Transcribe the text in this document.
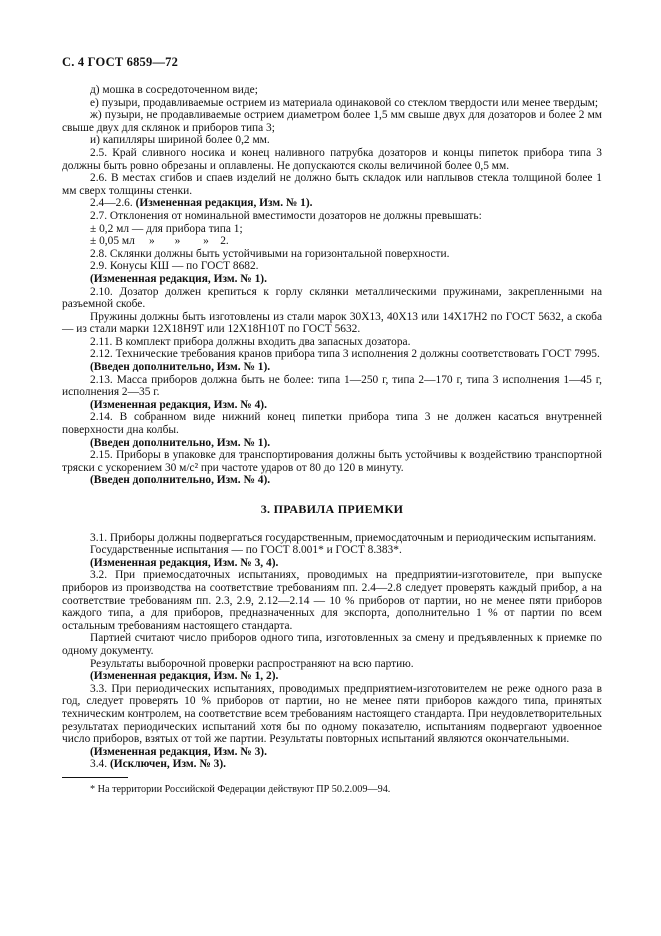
С. 4 ГОСТ 6859—72

д) мошка в сосредоточенном виде;

е) пузыри, продавливаемые острием из материала одинаковой со стеклом твердости или менее твердым;

ж) пузыри, не продавливаемые острием диаметром более 1,5 мм свыше двух для дозаторов и более 2 мм свыше двух для склянок и приборов типа 3;

и) капилляры шириной более 0,2 мм.

2.5. Край сливного носика и конец наливного патрубка дозаторов и концы пипеток прибора типа 3 должны быть ровно обрезаны и оплавлены. Не допускаются сколы величиной более 0,5 мм.

2.6. В местах сгибов и спаев изделий не должно быть складок или наплывов стекла толщиной более 1 мм сверх толщины стенки.

2.4—2.6. (Измененная редакция, Изм. № 1).

2.7. Отклонения от номинальной вместимости дозаторов не должны превышать:

± 0,2 мл — для прибора типа 1;

± 0,05 мл     »       »        »    2.

2.8. Склянки должны быть устойчивыми на горизонтальной поверхности.

2.9. Конусы КШ — по ГОСТ 8682.

(Измененная редакция, Изм. № 1).

2.10. Дозатор должен крепиться к горлу склянки металлическими пружинами, закрепленными на разъемной скобе.

Пружины должны быть изготовлены из стали марок 30Х13, 40Х13 или 14Х17Н2 по ГОСТ 5632, а скоба — из стали марки 12Х18Н9Т или 12Х18Н10Т по ГОСТ 5632.

2.11. В комплект прибора должны входить два запасных дозатора.

2.12. Технические требования кранов прибора типа 3 исполнения 2 должны соответствовать ГОСТ 7995.

(Введен дополнительно, Изм. № 1).

2.13. Масса приборов должна быть не более: типа 1—250 г, типа 2—170 г, типа 3 исполнения 1—45 г, исполнения 2—35 г.

(Измененная редакция, Изм. № 4).

2.14. В собранном виде нижний конец пипетки прибора типа 3 не должен касаться внутренней поверхности дна колбы.

(Введен дополнительно, Изм. № 1).

2.15. Приборы в упаковке для транспортирования должны быть устойчивы к воздействию транспортной тряски с ускорением 30 м/с² при частоте ударов от 80 до 120 в минуту.

(Введен дополнительно, Изм. № 4).

3. ПРАВИЛА ПРИЕМКИ

3.1. Приборы должны подвергаться государственным, приемосдаточным и периодическим испытаниям.

Государственные испытания — по ГОСТ 8.001* и ГОСТ 8.383*.

(Измененная редакция, Изм. № 3, 4).

3.2. При приемосдаточных испытаниях, проводимых на предприятии-изготовителе, при выпуске приборов из производства на соответствие требованиям пп. 2.4—2.8 следует проверять каждый прибор, а на соответствие требованиям пп. 2.3, 2.9, 2.12—2.14 — 10 % приборов от партии, но не менее пяти приборов каждого типа, а для приборов, предназначенных для экспорта, дополнительно 1 % от партии по всем остальным требованиям настоящего стандарта.

Партией считают число приборов одного типа, изготовленных за смену и предъявленных к приемке по одному документу.

Результаты выборочной проверки распространяют на всю партию.

(Измененная редакция, Изм. № 1, 2).

3.3. При периодических испытаниях, проводимых предприятием-изготовителем не реже одного раза в год, следует проверять 10 % приборов от партии, но не менее пяти приборов каждого типа, принятых техническим контролем, на соответствие всем требованиям настоящего стандарта. При неудовлетворительных результатах периодических испытаний хотя бы по одному показателю, испытаниям подвергают удвоенное число приборов, взятых от той же партии. Результаты повторных испытаний являются окончательными.

(Измененная редакция, Изм. № 3).

3.4. (Исключен, Изм. № 3).

* На территории Российской Федерации действуют ПР 50.2.009—94.
